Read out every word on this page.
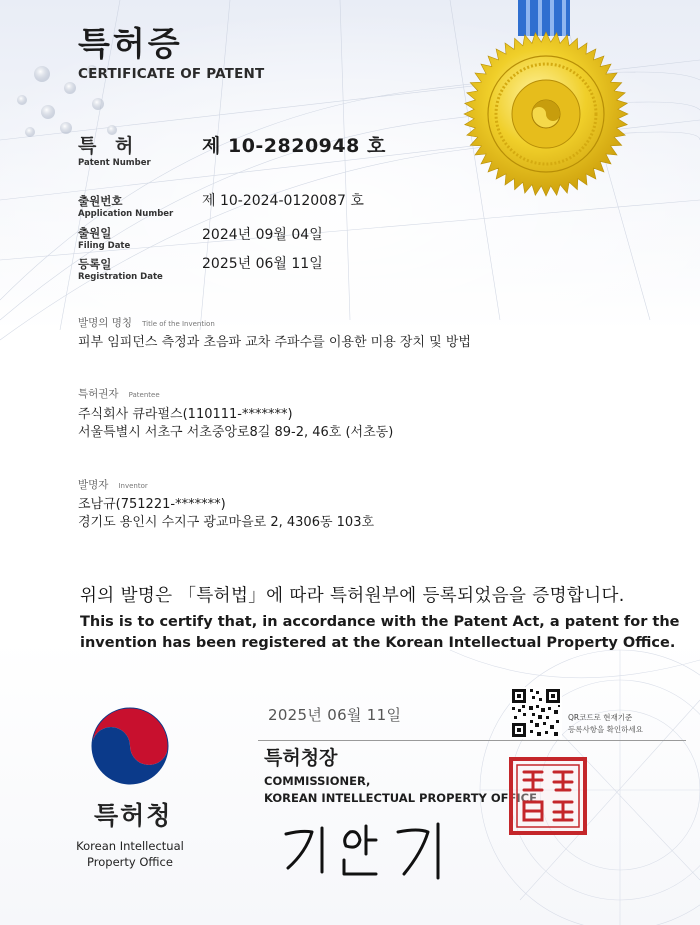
특허증
CERTIFICATE OF PATENT
특 허
Patent Number
제 10-2820948 호
출원번호
Application Number
제 10-2024-0120087 호
출원일
Filing Date
2024년 09월 04일
등록일
Registration Date
2025년 06월 11일
발명의 명칭 Title of the Invention
피부 임피던스 측정과 초음파 교차 주파수를 이용한 미용 장치 및 방법
특허권자 Patentee
주식회사 큐라펄스(110111-*******)
서울특별시 서초구 서초중앙로8길 89-2, 46호 (서초동)
발명자 Inventor
조남규(751221-*******)
경기도 용인시 수지구 광교마을로 2, 4306동 103호
위의 발명은 「특허법」에 따라 특허원부에 등록되었음을 증명합니다.
This is to certify that, in accordance with the Patent Act, a patent for the
invention has been registered at the Korean Intellectual Property Office.
2025년 06월 11일	QR코드로 현재기준
등록사항을 확인하세요
특허청장
COMMISSIONER,
KOREAN INTELLECTUAL PROPERTY OFFICE
특허청
Korean Intellectual
Property Office
